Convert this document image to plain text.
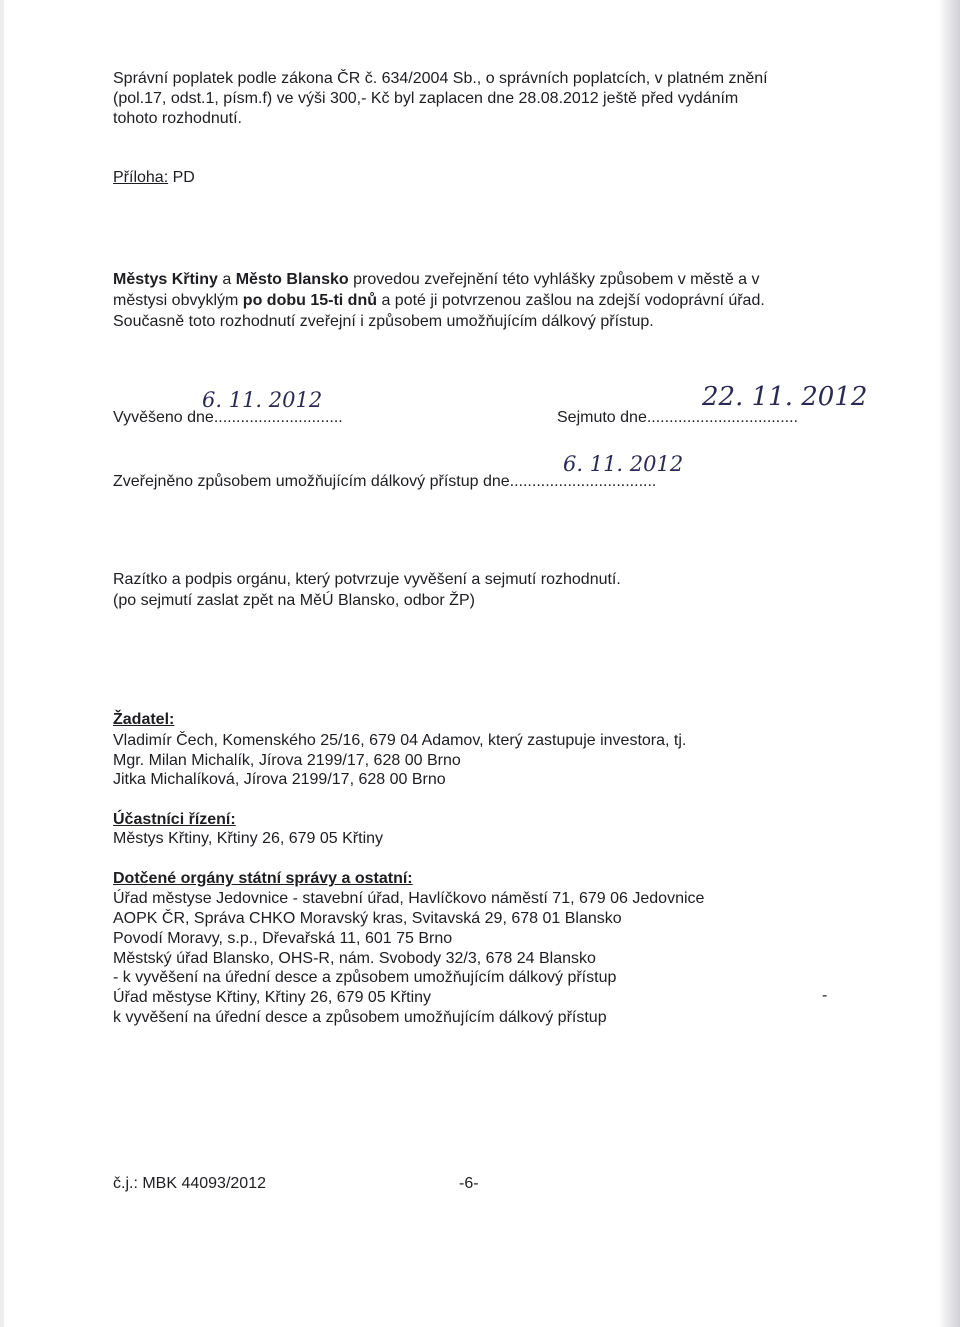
Správní poplatek podle zákona ČR č. 634/2004 Sb., o správních poplatcích, v platném znění
(pol.17, odst.1, písm.f) ve výši 300,- Kč byl zaplacen dne 28.08.2012 ještě před vydáním
tohoto rozhodnutí.
Příloha: PD
Městys Křtiny a Město Blansko provedou zveřejnění této vyhlášky způsobem v městě a v
městysi obvyklým po dobu 15-ti dnů a poté ji potvrzenou zašlou na zdejší vodoprávní úřad.
Současně toto rozhodnutí zveřejní i způsobem umožňujícím dálkový přístup.
Vyvěšeno dne.............................
6. 11. 2012
Sejmuto dne..................................
22. 11. 2012
Zveřejněno způsobem umožňujícím dálkový přístup dne.................................
6. 11. 2012
Razítko a podpis orgánu, který potvrzuje vyvěšení a sejmutí rozhodnutí.
(po sejmutí zaslat zpět na MěÚ Blansko, odbor ŽP)
Žadatel:
Vladimír Čech, Komenského 25/16, 679 04 Adamov, který zastupuje investora, tj.
Mgr. Milan Michalík, Jírova 2199/17, 628 00 Brno
Jitka Michalíková, Jírova 2199/17, 628 00 Brno
Účastníci řízení:
Městys Křtiny, Křtiny 26, 679 05 Křtiny
Dotčené orgány státní správy a ostatní:
Úřad městyse Jedovnice - stavební úřad, Havlíčkovo náměstí 71, 679 06 Jedovnice
AOPK ČR, Správa CHKO Moravský kras, Svitavská 29, 678 01 Blansko
Povodí Moravy, s.p., Dřevařská 11, 601 75 Brno
Městský úřad Blansko, OHS-R, nám. Svobody 32/3, 678 24 Blansko
- k vyvěšení na úřední desce a způsobem umožňujícím dálkový přístup
Úřad městyse Křtiny, Křtiny 26, 679 05 Křtiny
k vyvěšení na úřední desce a způsobem umožňujícím dálkový přístup
-
č.j.: MBK 44093/2012	-6-
